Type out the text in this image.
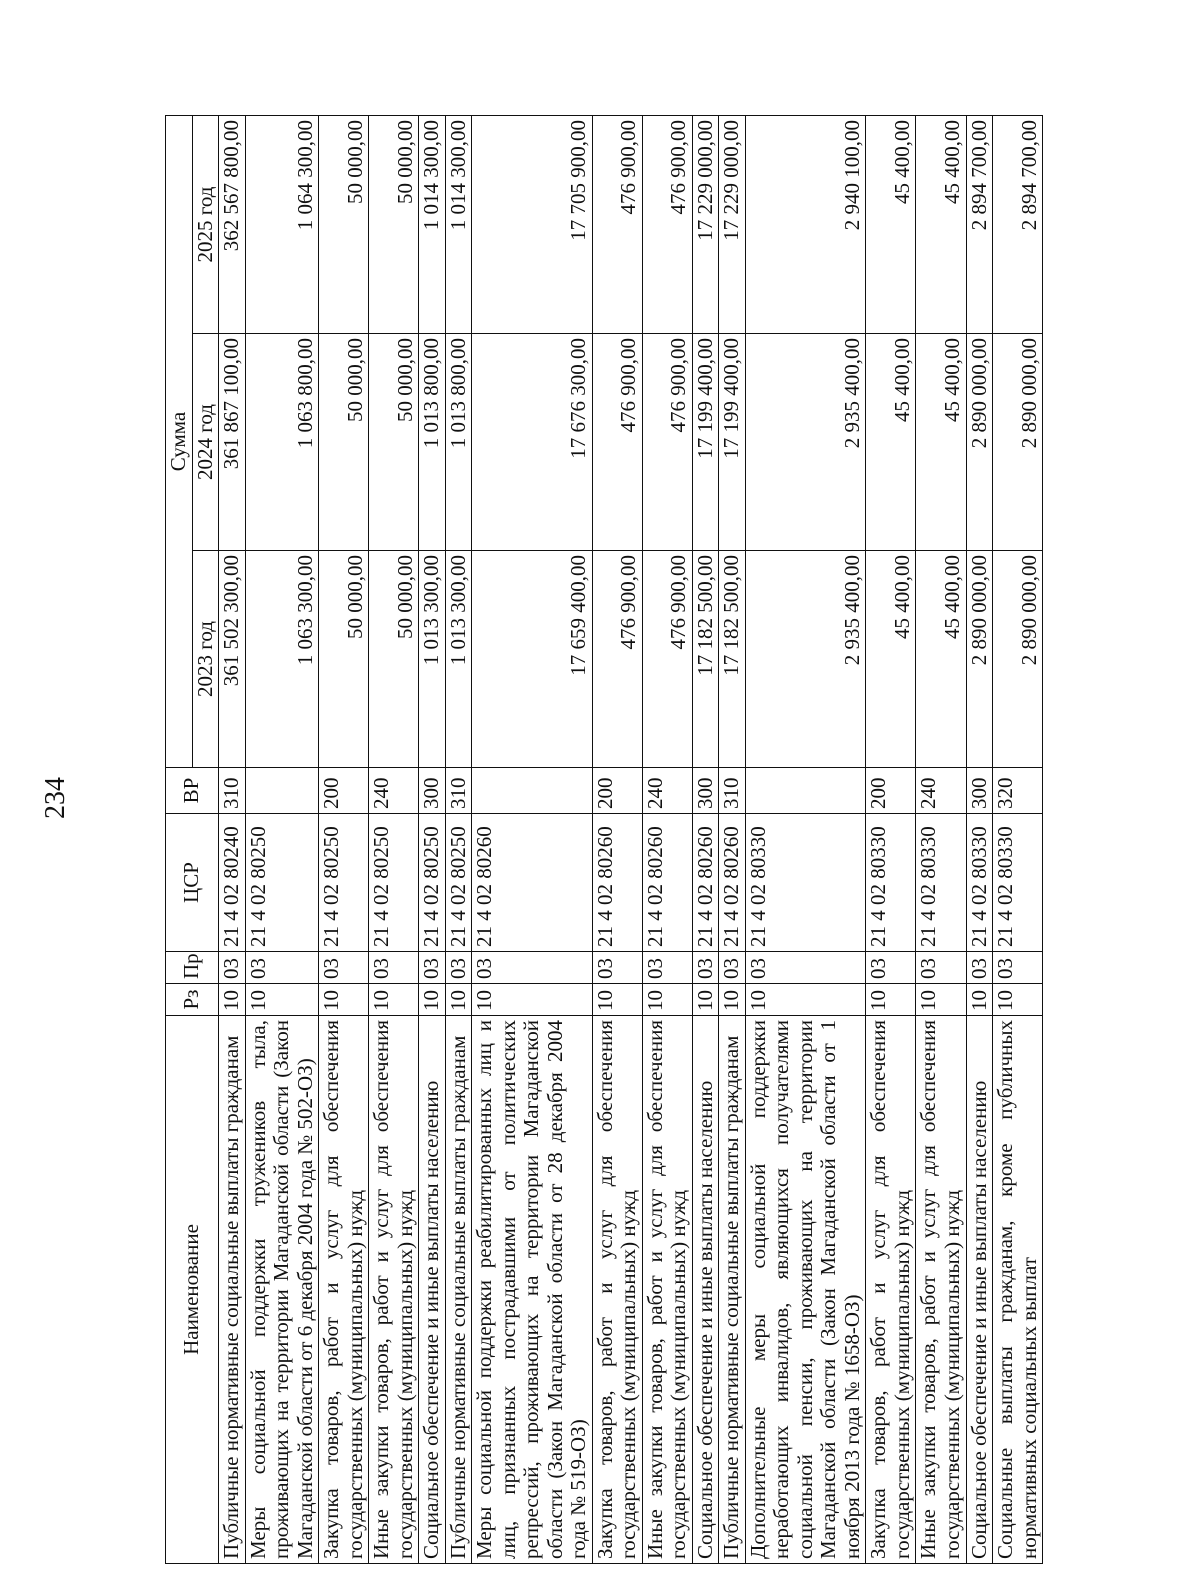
234
Наименование	Рз	Пр	ЦСР	ВР	Сумма		
					2023 год	2024 год	2025 год
Публичные нормативные социальные выплаты гражданам	10	03	21 4 02 80240	310	361 502 300,00	361 867 100,00	362 567 800,00
Меры социальной поддержки тружеников тыла, проживающих на территории Магаданской области (Закон Магаданской области от 6 декабря 2004 года № 502-ОЗ)	10	03	21 4 02 80250		1 063 300,00	1 063 800,00	1 064 300,00
Закупка товаров, работ и услуг для обеспечения государственных (муниципальных) нужд	10	03	21 4 02 80250	200	50 000,00	50 000,00	50 000,00
Иные закупки товаров, работ и услуг для обеспечения государственных (муниципальных) нужд	10	03	21 4 02 80250	240	50 000,00	50 000,00	50 000,00
Социальное обеспечение и иные выплаты населению	10	03	21 4 02 80250	300	1 013 300,00	1 013 800,00	1 014 300,00
Публичные нормативные социальные выплаты гражданам	10	03	21 4 02 80250	310	1 013 300,00	1 013 800,00	1 014 300,00
Меры социальной поддержки реабилитированных лиц и лиц, признанных пострадавшими от политических репрессий, проживающих на территории Магаданской области (Закон Магаданской области от 28 декабря 2004 года № 519-ОЗ)	10	03	21 4 02 80260		17 659 400,00	17 676 300,00	17 705 900,00
Закупка товаров, работ и услуг для обеспечения государственных (муниципальных) нужд	10	03	21 4 02 80260	200	476 900,00	476 900,00	476 900,00
Иные закупки товаров, работ и услуг для обеспечения государственных (муниципальных) нужд	10	03	21 4 02 80260	240	476 900,00	476 900,00	476 900,00
Социальное обеспечение и иные выплаты населению	10	03	21 4 02 80260	300	17 182 500,00	17 199 400,00	17 229 000,00
Публичные нормативные социальные выплаты гражданам	10	03	21 4 02 80260	310	17 182 500,00	17 199 400,00	17 229 000,00
Дополнительные меры социальной поддержки неработающих инвалидов, являющихся получателями социальной пенсии, проживающих на территории Магаданской области (Закон Магаданской области от 1 ноября 2013 года № 1658-ОЗ)	10	03	21 4 02 80330		2 935 400,00	2 935 400,00	2 940 100,00
Закупка товаров, работ и услуг для обеспечения государственных (муниципальных) нужд	10	03	21 4 02 80330	200	45 400,00	45 400,00	45 400,00
Иные закупки товаров, работ и услуг для обеспечения государственных (муниципальных) нужд	10	03	21 4 02 80330	240	45 400,00	45 400,00	45 400,00
Социальное обеспечение и иные выплаты населению	10	03	21 4 02 80330	300	2 890 000,00	2 890 000,00	2 894 700,00
Социальные выплаты гражданам, кроме публичных нормативных социальных выплат	10	03	21 4 02 80330	320	2 890 000,00	2 890 000,00	2 894 700,00
